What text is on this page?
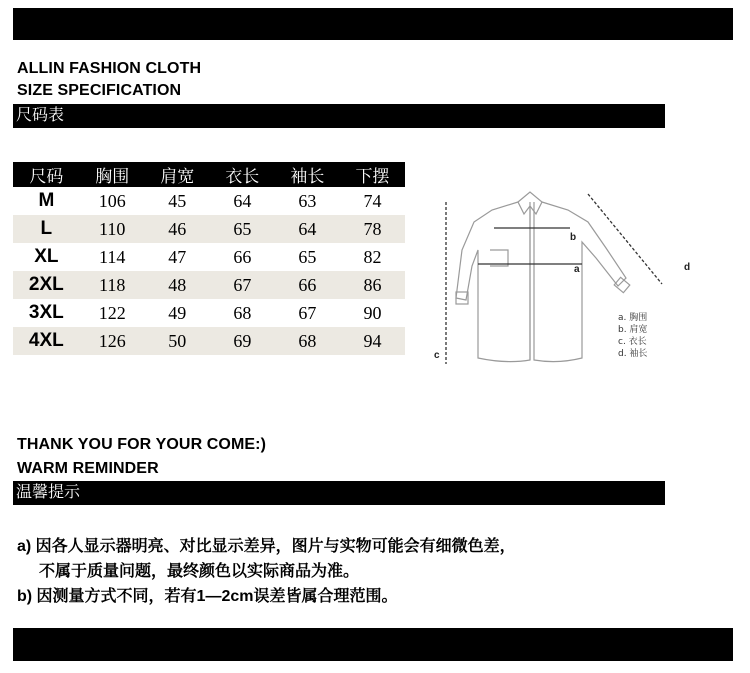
ALLIN FASHION CLOTH
SIZE SPECIFICATION
尺码表
尺码	胸围	肩宽	衣长	袖长	下摆
M	106	45	64	63	74
L	110	46	65	64	78
XL	114	47	66	65	82
2XL	118	48	67	66	86
3XL	122	49	68	67	90
4XL	126	50	69	68	94
b
a
c
d
a. 胸围
b. 肩宽
c. 衣长
d. 袖长
THANK YOU FOR YOUR COME:)
WARM REMINDER
温馨提示
a) 因各人显示器明亮、对比显示差异，图片与实物可能会有细微色差，
不属于质量问题，最终颜色以实际商品为准。
b) 因测量方式不同，若有1—2cm误差皆属合理范围。
